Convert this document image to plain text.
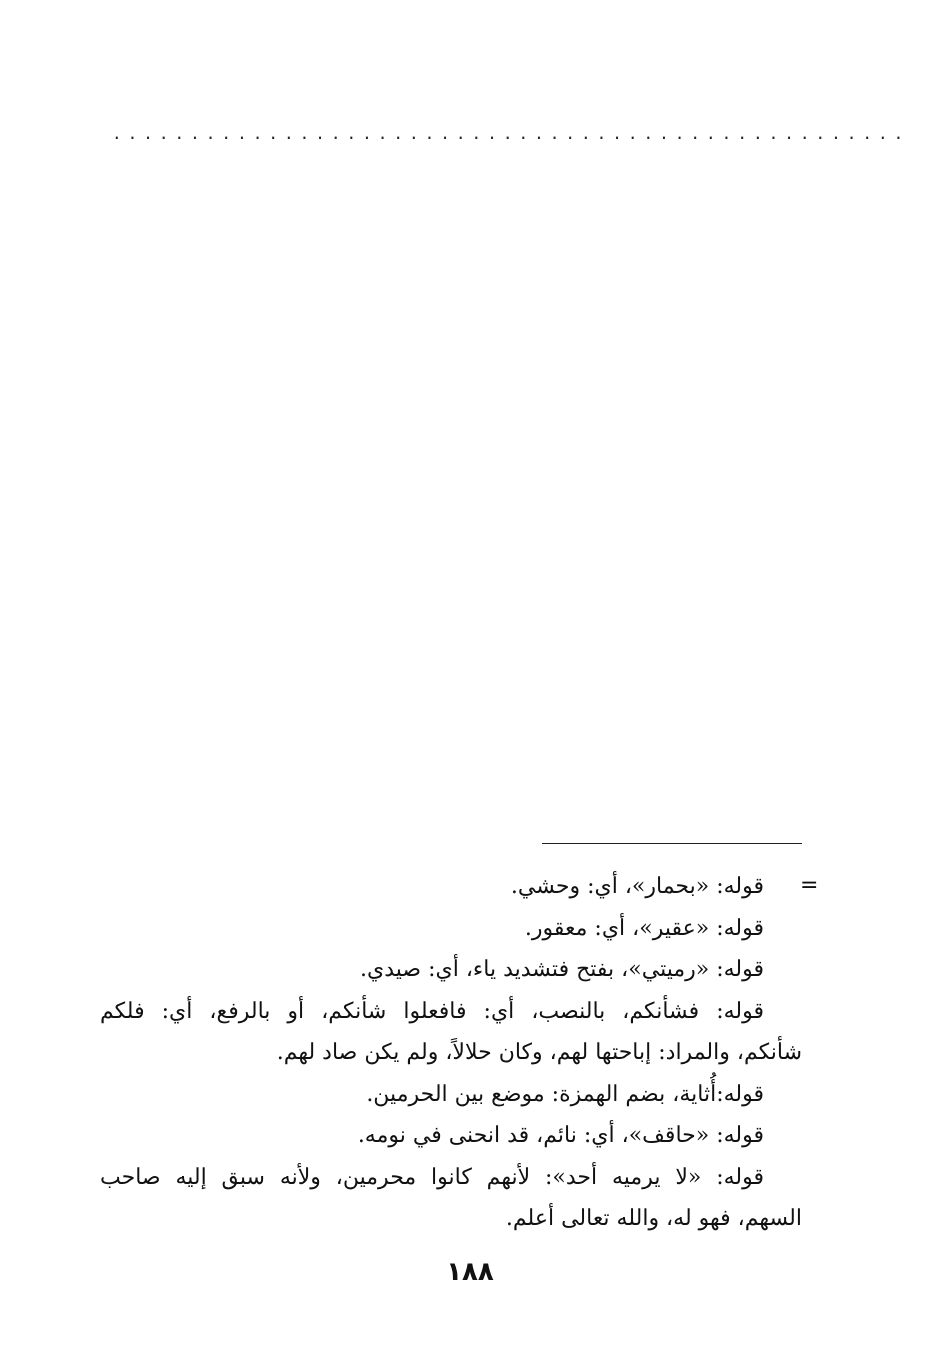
...................................................
=
قوله: «بحمار»، أي: وحشي.
قوله: «عقير»، أي: معقور.
قوله: «رميتي»، بفتح فتشديد ياء، أي: صيدي.
قوله: فشأنكم، بالنصب، أي: فافعلوا شأنكم، أو بالرفع، أي: فلكم
شأنكم، والمراد: إباحتها لهم، وكان حلالاً، ولم يكن صاد لهم.
قوله:أُثاية، بضم الهمزة: موضع بين الحرمين.
قوله: «حاقف»، أي: نائم، قد انحنى في نومه.
قوله: «لا يرميه أحد»: لأنهم كانوا محرمين، ولأنه سبق إليه صاحب
السهم، فهو له، والله تعالى أعلم.
١٨٨
